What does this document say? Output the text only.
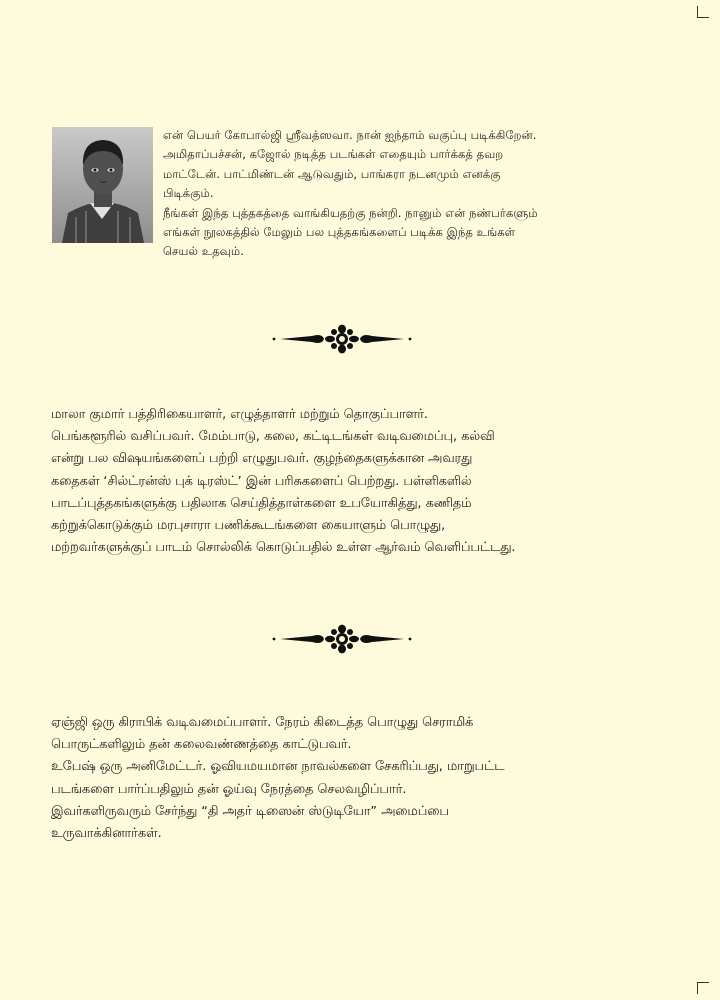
என் பெயர் கோபால்ஜி ஸ்ரீவத்ஸவா. நான் ஐந்தாம் வகுப்பு படிக்கிறேன்.

அமிதாப்பச்சன், கஜோல் நடித்த படங்கள் எதையும் பார்க்கத் தவற

மாட்டேன். பாட்மிண்டன் ஆடுவதும், பாங்கரா நடனமும் எனக்கு

பிடிக்கும்.

நீங்கள் இந்த புத்தகத்தை வாங்கியதற்கு நன்றி. நானும் என் நண்பர்களும்

எங்கள் நூலகத்தில் மேலும் பல புத்தகங்களைப் படிக்க இந்த உங்கள்

செயல் உதவும்.

மாலா குமார் பத்திரிகையாளர், எழுத்தாளர் மற்றும் தொகுப்பாளர்.

பெங்களூரில் வசிப்பவர். மேம்பாடு, கலை, கட்டிடங்கள் வடிவமைப்பு, கல்வி

என்று பல விஷயங்களைப் பற்றி எழுதுபவர். குழந்தைகளுக்கான அவரது

கதைகள் ‘சில்ட்ரன்ஸ் புக் டிரஸ்ட்’ இன் பரிசுகளைப் பெற்றது. பள்ளிகளில்

பாடப்புத்தகங்களுக்கு பதிலாக செய்தித்தாள்களை உபயோகித்து, கணிதம்

கற்றுக்கொடுக்கும் மரபுசாரா பணிக்கூடங்களை கையாளும் பொழுது,

மற்றவர்களுக்குப் பாடம் சொல்லிக் கொடுப்பதில் உள்ள ஆர்வம் வெளிப்பட்டது.

ஏஞ்ஜி ஒரு கிராபிக் வடிவமைப்பாளர். நேரம் கிடைத்த பொழுது செராமிக்

பொருட்களிலும் தன் கலைவண்ணத்தை காட்டுபவர்.

உபேஷ் ஒரு அனிமேட்டர். ஓவியமயமான நாவல்களை சேகரிப்பது, மாறுபட்ட

படங்களை பார்ப்பதிலும் தன் ஓய்வு நேரத்தை செலவழிப்பார்.

இவர்களிருவரும் சேர்ந்து “தி அதர் டிஸைன் ஸ்டுடியோ” அமைப்பை

உருவாக்கினார்கள்.
